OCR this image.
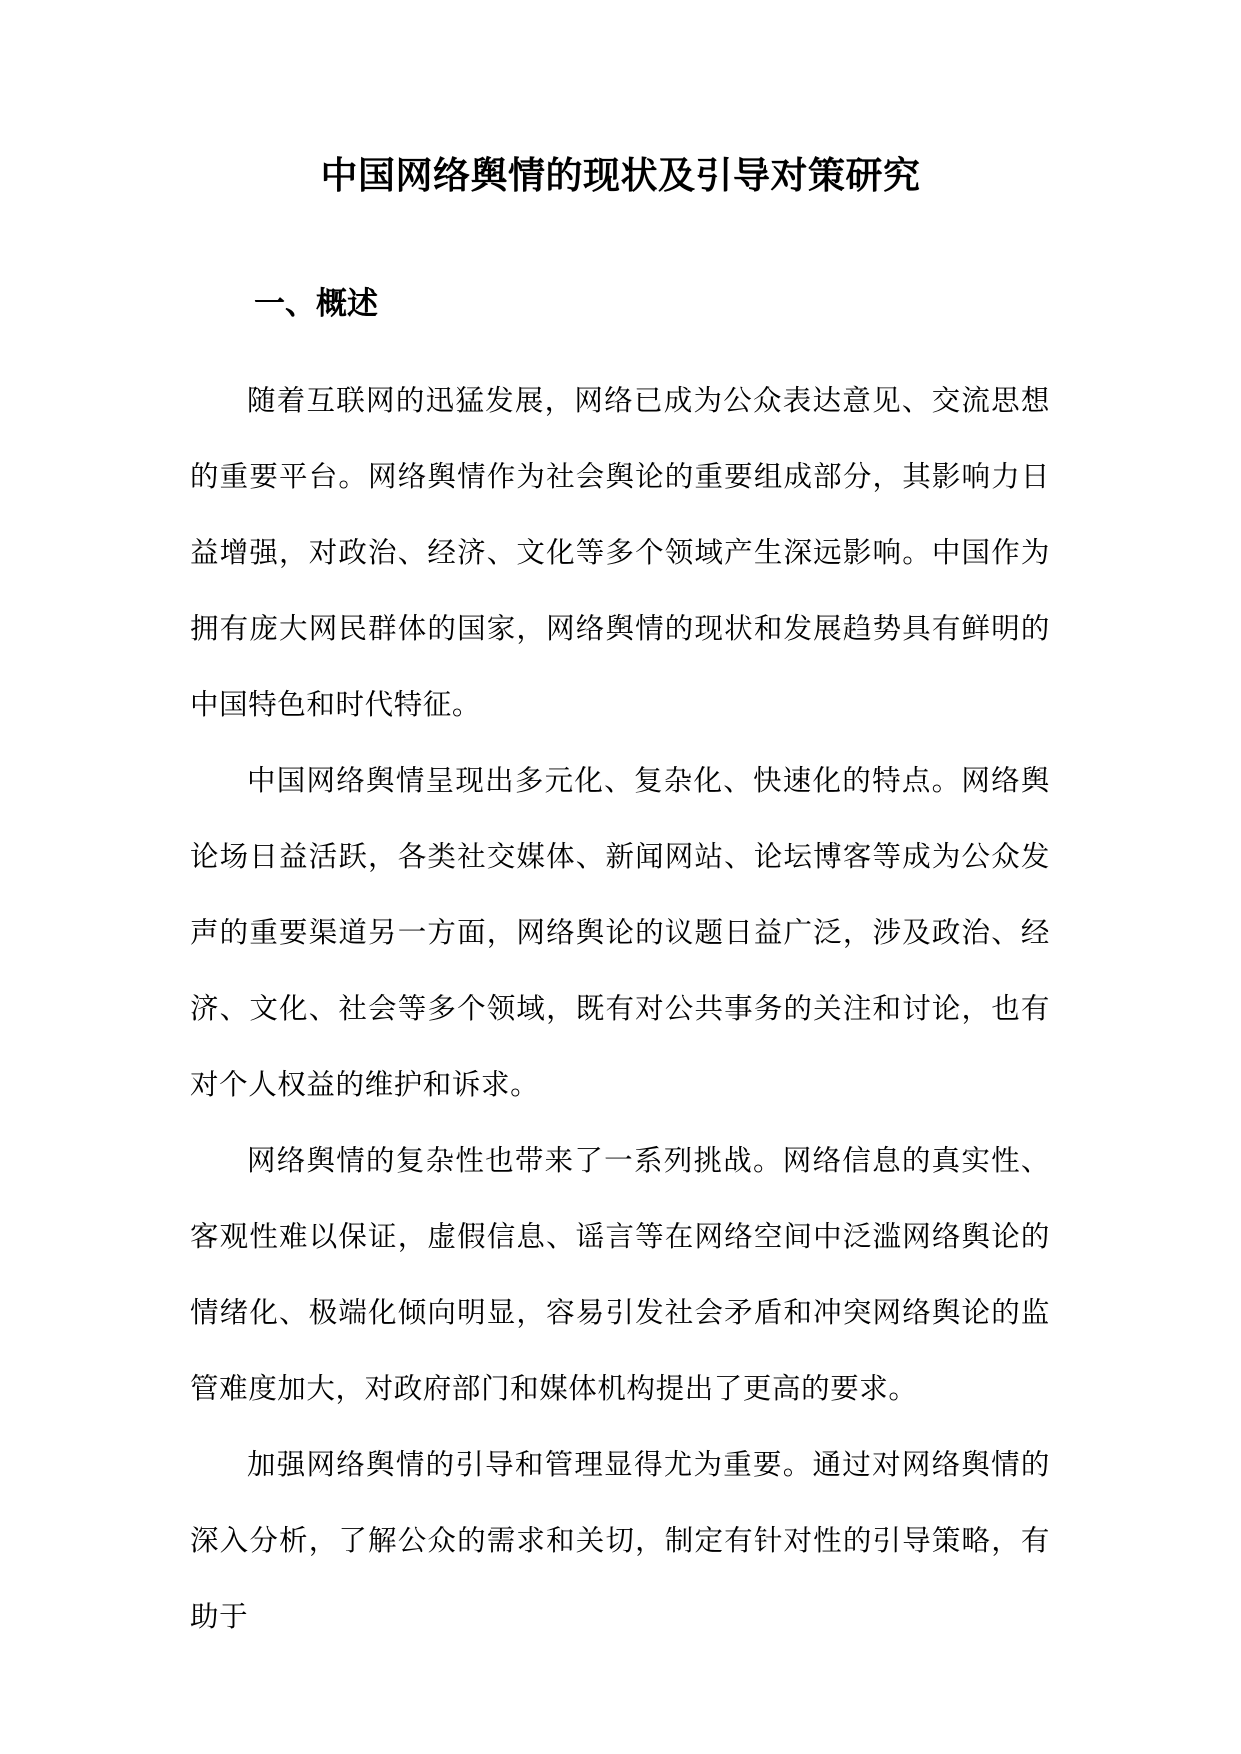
中国网络舆情的现状及引导对策研究
一、概述

随着互联网的迅猛发展，网络已成为公众表达意见、交流思想的重要平台。网络舆情作为社会舆论的重要组成部分，其影响力日益增强，对政治、经济、文化等多个领域产生深远影响。中国作为拥有庞大网民群体的国家，网络舆情的现状和发展趋势具有鲜明的中国特色和时代特征。

中国网络舆情呈现出多元化、复杂化、快速化的特点。网络舆论场日益活跃，各类社交媒体、新闻网站、论坛博客等成为公众发声的重要渠道另一方面，网络舆论的议题日益广泛，涉及政治、经济、文化、社会等多个领域，既有对公共事务的关注和讨论，也有对个人权益的维护和诉求。

网络舆情的复杂性也带来了一系列挑战。网络信息的真实性、客观性难以保证，虚假信息、谣言等在网络空间中泛滥网络舆论的情绪化、极端化倾向明显，容易引发社会矛盾和冲突网络舆论的监管难度加大，对政府部门和媒体机构提出了更高的要求。

加强网络舆情的引导和管理显得尤为重要。通过对网络舆情的深入分析，了解公众的需求和关切，制定有针对性的引导策略，有助于
